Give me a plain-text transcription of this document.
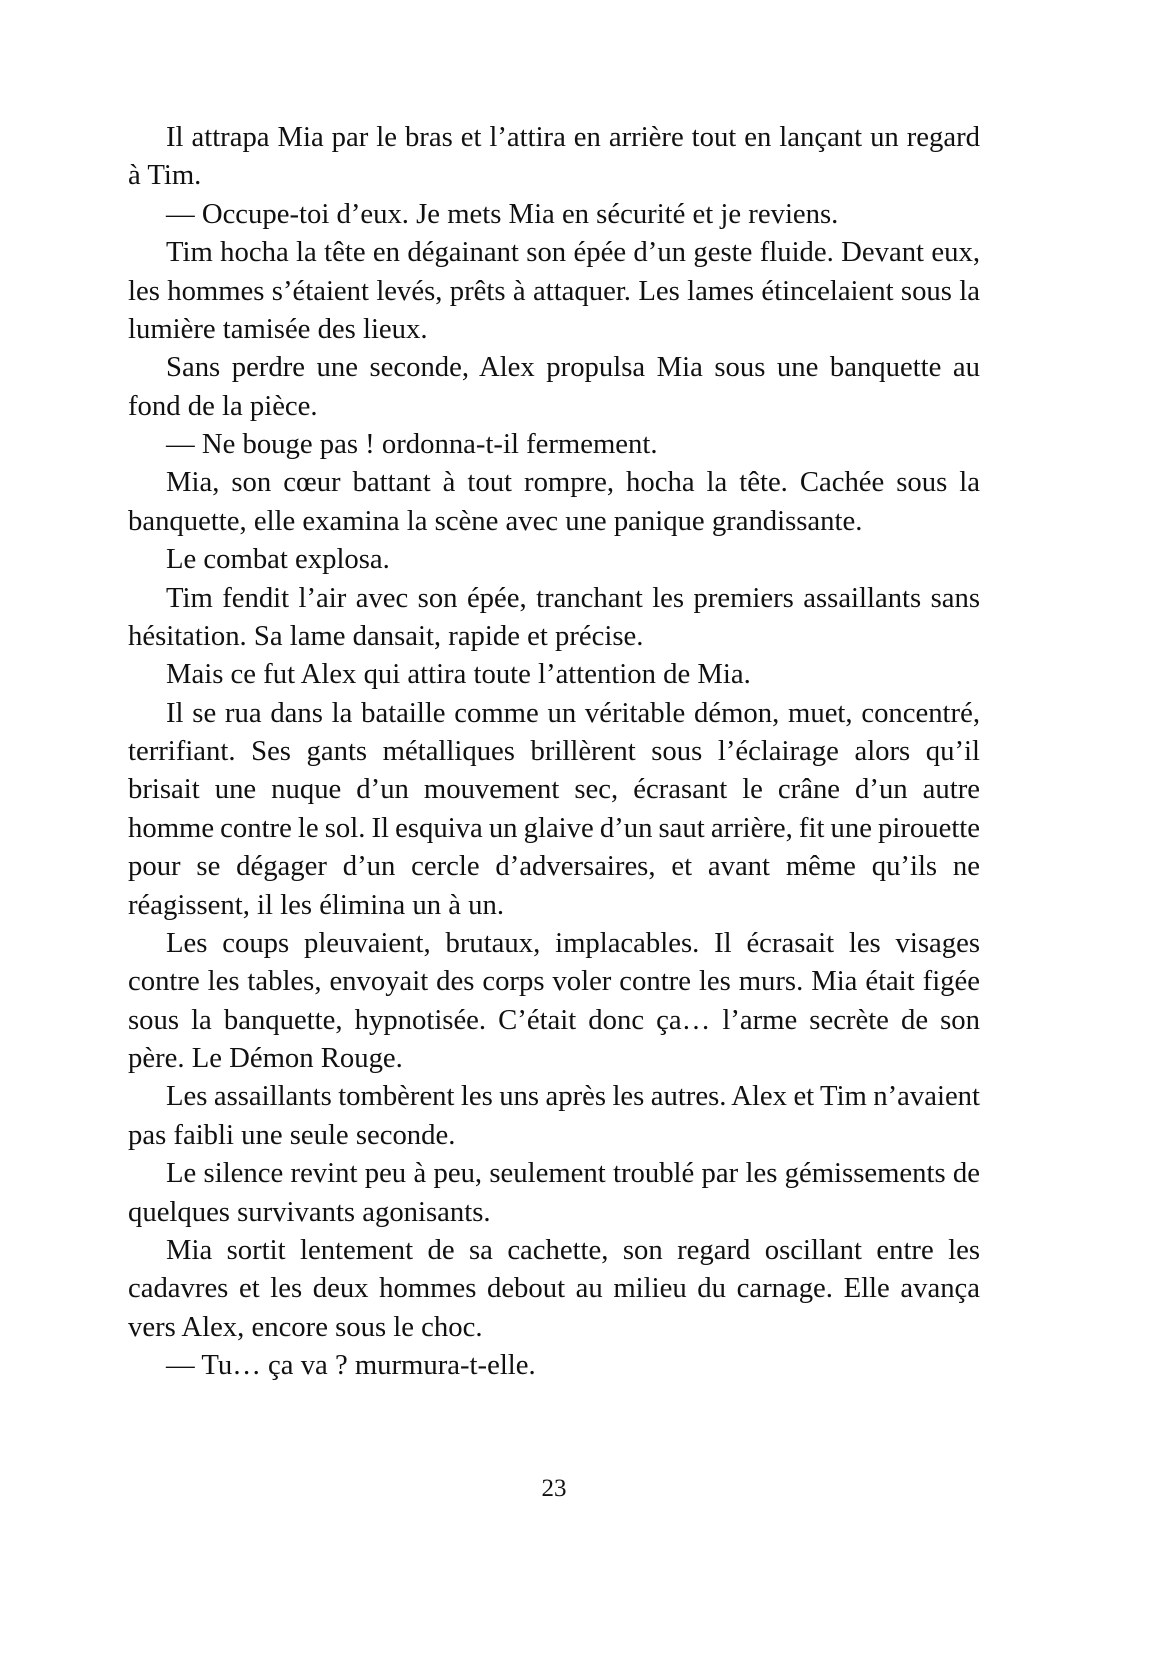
Il attrapa Mia par le bras et l’attira en arrière tout en lançant un regard
à Tim.
— Occupe-toi d’eux. Je mets Mia en sécurité et je reviens.
Tim hocha la tête en dégainant son épée d’un geste fluide. Devant eux,
les hommes s’étaient levés, prêts à attaquer. Les lames étincelaient sous la
lumière tamisée des lieux.
Sans perdre une seconde, Alex propulsa Mia sous une banquette au
fond de la pièce.
— Ne bouge pas ! ordonna-t-il fermement.
Mia, son cœur battant à tout rompre, hocha la tête. Cachée sous la
banquette, elle examina la scène avec une panique grandissante.
Le combat explosa.
Tim fendit l’air avec son épée, tranchant les premiers assaillants sans
hésitation. Sa lame dansait, rapide et précise.
Mais ce fut Alex qui attira toute l’attention de Mia.
Il se rua dans la bataille comme un véritable démon, muet, concentré,
terrifiant. Ses gants métalliques brillèrent sous l’éclairage alors qu’il
brisait une nuque d’un mouvement sec, écrasant le crâne d’un autre
homme contre le sol. Il esquiva un glaive d’un saut arrière, fit une pirouette
pour se dégager d’un cercle d’adversaires, et avant même qu’ils ne
réagissent, il les élimina un à un.
Les coups pleuvaient, brutaux, implacables. Il écrasait les visages
contre les tables, envoyait des corps voler contre les murs. Mia était figée
sous la banquette, hypnotisée. C’était donc ça… l’arme secrète de son
père. Le Démon Rouge.
Les assaillants tombèrent les uns après les autres. Alex et Tim n’avaient
pas faibli une seule seconde.
Le silence revint peu à peu, seulement troublé par les gémissements de
quelques survivants agonisants.
Mia sortit lentement de sa cachette, son regard oscillant entre les
cadavres et les deux hommes debout au milieu du carnage. Elle avança
vers Alex, encore sous le choc.
— Tu… ça va ? murmura-t-elle.
23
